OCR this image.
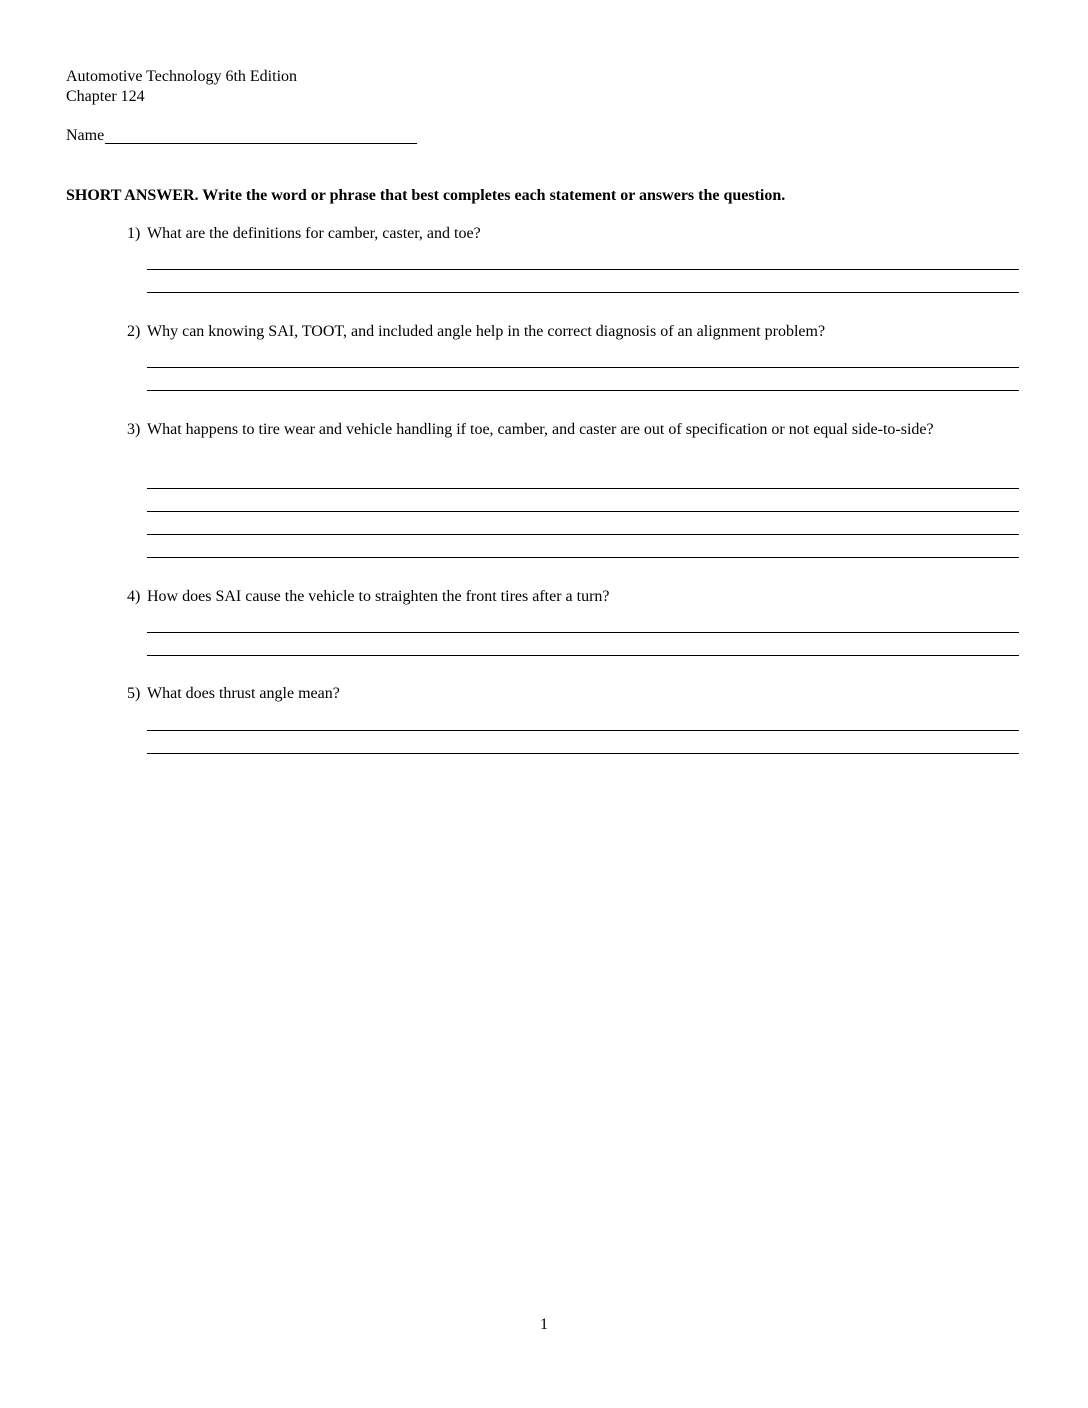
Automotive Technology 6th Edition
Chapter 124
Name
SHORT ANSWER. Write the word or phrase that best completes each statement or answers the question.
1) What are the definitions for camber, caster, and toe?
2) Why can knowing SAI, TOOT, and included angle help in the correct diagnosis of an alignment problem?
3) What happens to tire wear and vehicle handling if toe, camber, and caster are out of specification or not equal side-to-side?
4) How does SAI cause the vehicle to straighten the front tires after a turn?
5) What does thrust angle mean?
1
